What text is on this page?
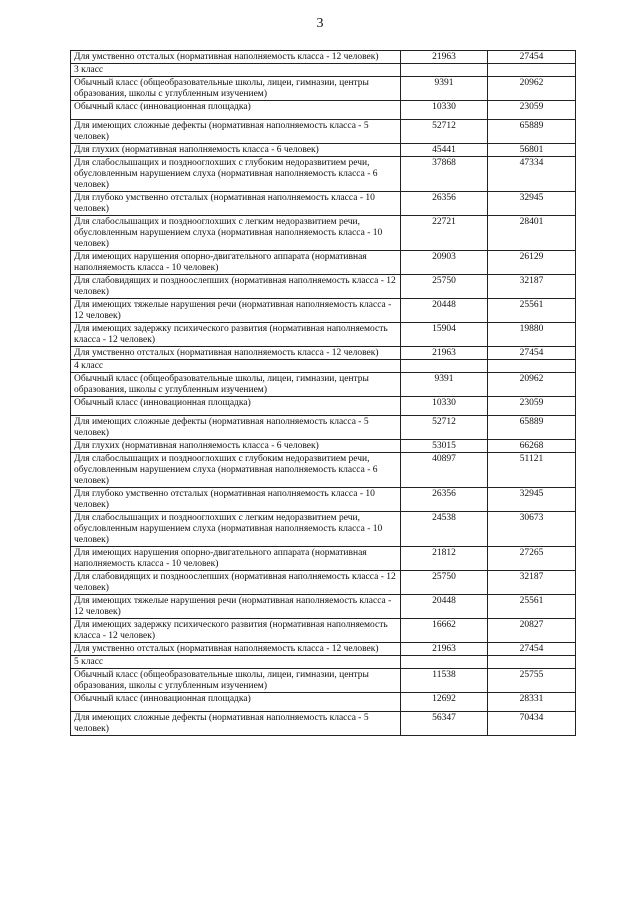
3
Для умственно отсталых (нормативная наполняемость класса - 12 человек)	21963	27454
3 класс		
Обычный класс (общеобразовательные школы, лицеи, гимназии, центры образования, школы с углубленным изучением)	9391	20962
Обычный класс (инновационная площадка)	10330	23059
Для имеющих сложные дефекты (нормативная наполняемость класса - 5 человек)	52712	65889
Для глухих (нормативная наполняемость класса - 6 человек)	45441	56801
Для слабослышащих и позднооглохших с глубоким недоразвитием речи, обусловленным нарушением слуха (нормативная наполняемость класса - 6 человек)	37868	47334
Для глубоко умственно отсталых (нормативная наполняемость класса - 10 человек)	26356	32945
Для слабослышащих и позднооглохших с легким недоразвитием речи, обусловленным нарушением слуха (нормативная наполняемость класса - 10 человек)	22721	28401
Для имеющих нарушения опорно-двигательного аппарата (нормативная наполняемость класса - 10 человек)	20903	26129
Для слабовидящих и поздноослепших (нормативная наполняемость класса - 12 человек)	25750	32187
Для имеющих тяжелые нарушения речи (нормативная наполняемость класса - 12 человек)	20448	25561
Для имеющих задержку психического развития (нормативная наполняемость класса - 12 человек)	15904	19880
Для умственно отсталых (нормативная наполняемость класса - 12 человек)	21963	27454
4 класс		
Обычный класс (общеобразовательные школы, лицеи, гимназии, центры образования, школы с углубленным изучением)	9391	20962
Обычный класс (инновационная площадка)	10330	23059
Для имеющих сложные дефекты (нормативная наполняемость класса - 5 человек)	52712	65889
Для глухих (нормативная наполняемость класса - 6 человек)	53015	66268
Для слабослышащих и позднооглохших с глубоким недоразвитием речи, обусловленным нарушением слуха (нормативная наполняемость класса - 6 человек)	40897	51121
Для глубоко умственно отсталых (нормативная наполняемость класса - 10 человек)	26356	32945
Для слабослышащих и позднооглохших с легким недоразвитием речи, обусловленным нарушением слуха (нормативная наполняемость класса - 10 человек)	24538	30673
Для имеющих нарушения опорно-двигательного аппарата (нормативная наполняемость класса - 10 человек)	21812	27265
Для слабовидящих и поздноослепших (нормативная наполняемость класса - 12 человек)	25750	32187
Для имеющих тяжелые нарушения речи (нормативная наполняемость класса - 12 человек)	20448	25561
Для имеющих задержку психического развития (нормативная наполняемость класса - 12 человек)	16662	20827
Для умственно отсталых (нормативная наполняемость класса - 12 человек)	21963	27454
5 класс		
Обычный класс (общеобразовательные школы, лицеи, гимназии, центры образования, школы с углубленным изучением)	11538	25755
Обычный класс (инновационная площадка)	12692	28331
Для имеющих сложные дефекты (нормативная наполняемость класса - 5 человек)	56347	70434
